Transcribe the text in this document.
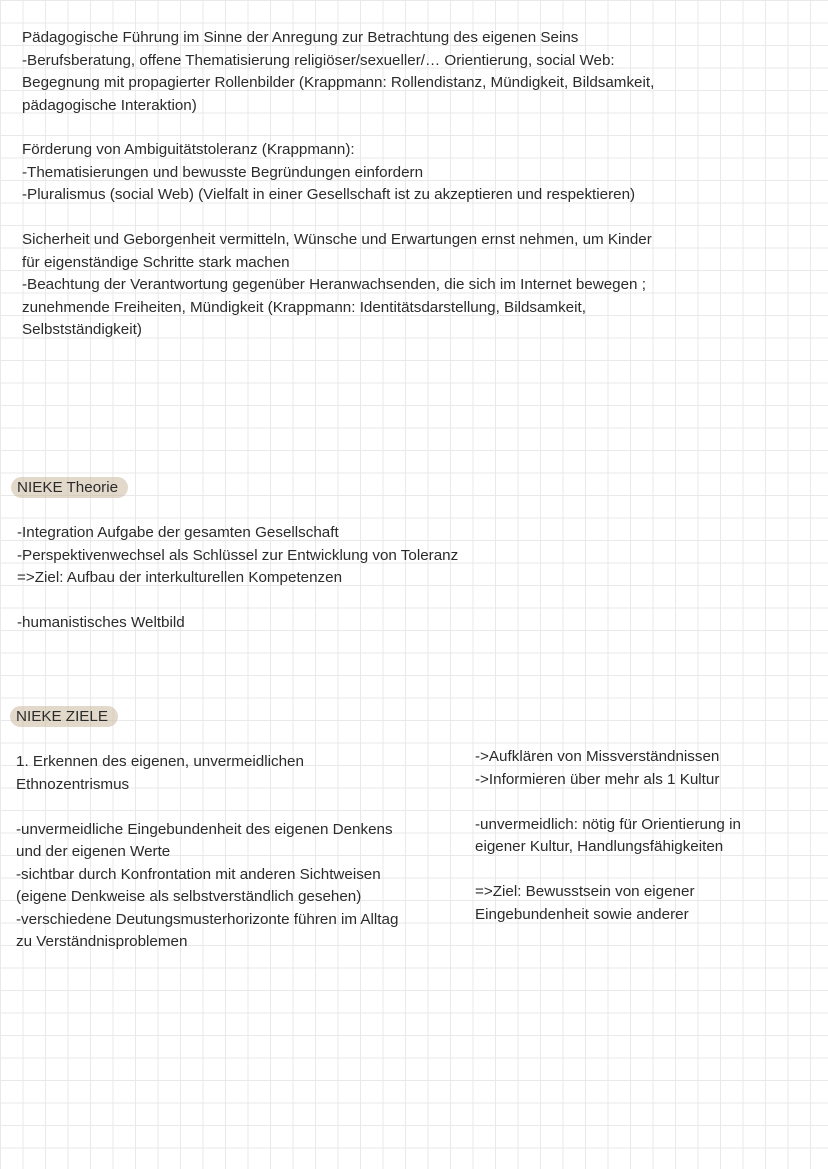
Pädagogische Führung im Sinne der Anregung zur Betrachtung des eigenen Seins
-Berufsberatung, offene Thematisierung religiöser/sexueller/… Orientierung, social Web:
Begegnung mit propagierter Rollenbilder (Krappmann: Rollendistanz, Mündigkeit, Bildsamkeit,
pädagogische Interaktion)
Förderung von Ambiguitätstoleranz (Krappmann):
-Thematisierungen und bewusste Begründungen einfordern
-Pluralismus (social Web) (Vielfalt in einer Gesellschaft ist zu akzeptieren und respektieren)
Sicherheit und Geborgenheit vermitteln, Wünsche und Erwartungen ernst nehmen, um Kinder
für eigenständige Schritte stark machen
-Beachtung der Verantwortung gegenüber Heranwachsenden, die sich im Internet bewegen ;
zunehmende Freiheiten, Mündigkeit (Krappmann: Identitätsdarstellung, Bildsamkeit,
Selbstständigkeit)
NIEKE Theorie
-Integration Aufgabe der gesamten Gesellschaft
-Perspektivenwechsel als Schlüssel zur Entwicklung von Toleranz
=>Ziel: Aufbau der interkulturellen Kompetenzen
-humanistisches Weltbild
NIEKE ZIELE
1. Erkennen des eigenen, unvermeidlichen
Ethnozentrismus
-unvermeidliche Eingebundenheit des eigenen Denkens
und der eigenen Werte
-sichtbar durch Konfrontation mit anderen Sichtweisen
(eigene Denkweise als selbstverständlich gesehen)
-verschiedene Deutungsmusterhorizonte führen im Alltag
zu Verständnisproblemen
->Aufklären von Missverständnissen
->Informieren über mehr als 1 Kultur
-unvermeidlich: nötig für Orientierung in
eigener Kultur, Handlungsfähigkeiten
=>Ziel: Bewusstsein von eigener
Eingebundenheit sowie anderer
